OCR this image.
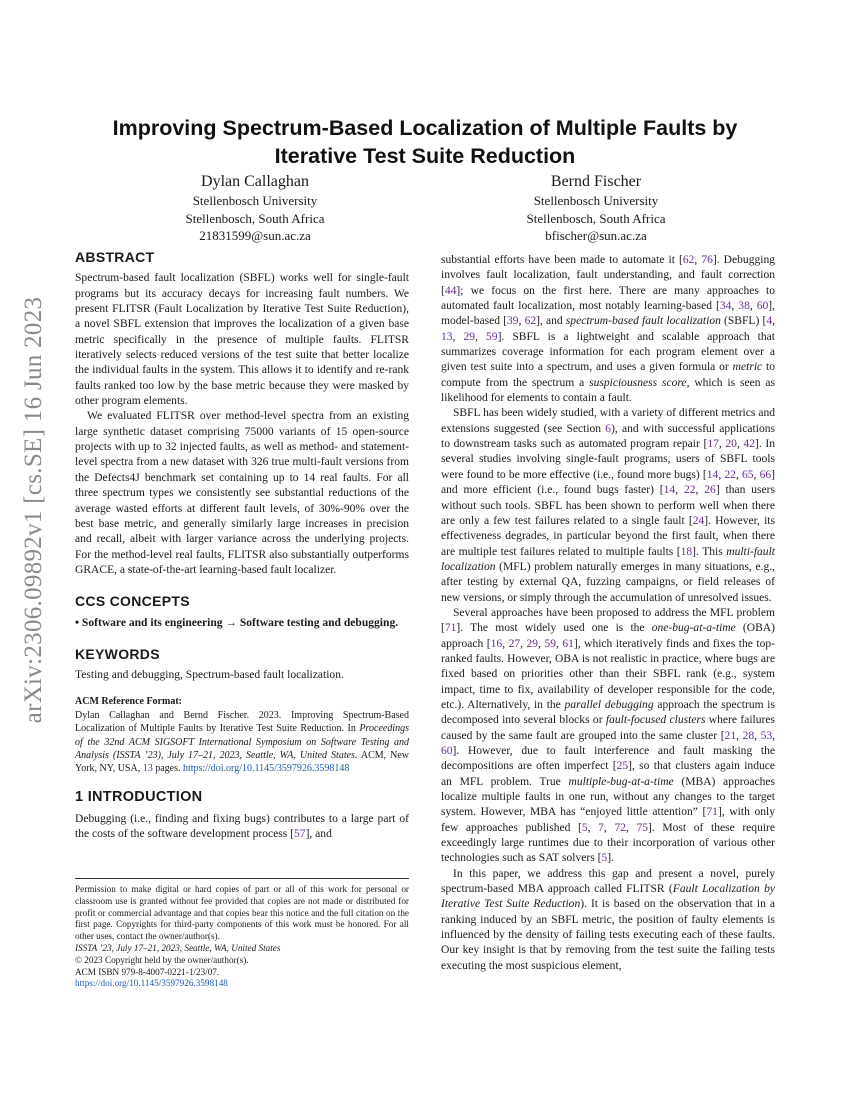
arXiv:2306.09892v1 [cs.SE] 16 Jun 2023
Improving Spectrum-Based Localization of Multiple Faults by
Iterative Test Suite Reduction
Dylan Callaghan
Stellenbosch University
Stellenbosch, South Africa
21831599@sun.ac.za
Bernd Fischer
Stellenbosch University
Stellenbosch, South Africa
bfischer@sun.ac.za
ABSTRACT

Spectrum-based fault localization (SBFL) works well for single-fault programs but its accuracy decays for increasing fault numbers. We present FLITSR (Fault Localization by Iterative Test Suite Reduction), a novel SBFL extension that improves the localization of a given base metric specifically in the presence of multiple faults. FLITSR iteratively selects reduced versions of the test suite that better localize the individual faults in the system. This allows it to identify and re-rank faults ranked too low by the base metric because they were masked by other program elements.

We evaluated FLITSR over method-level spectra from an existing large synthetic dataset comprising 75000 variants of 15 open-source projects with up to 32 injected faults, as well as method- and statement-level spectra from a new dataset with 326 true multi-fault versions from the Defects4J benchmark set containing up to 14 real faults. For all three spectrum types we consistently see substantial reductions of the average wasted efforts at different fault levels, of 30%-90% over the best base metric, and generally similarly large increases in precision and recall, albeit with larger variance across the underlying projects. For the method-level real faults, FLITSR also substantially outperforms GRACE, a state-of-the-art learning-based fault localizer.

CCS CONCEPTS

• Software and its engineering → Software testing and debugging.

KEYWORDS

Testing and debugging, Spectrum-based fault localization.

ACM Reference Format:

Dylan Callaghan and Bernd Fischer. 2023. Improving Spectrum-Based Localization of Multiple Faults by Iterative Test Suite Reduction. In Proceedings of the 32nd ACM SIGSOFT International Symposium on Software Testing and Analysis (ISSTA ’23), July 17–21, 2023, Seattle, WA, United States. ACM, New York, NY, USA, 13 pages. https://doi.org/10.1145/3597926.3598148

1 INTRODUCTION

Debugging (i.e., finding and fixing bugs) contributes to a large part of the costs of the software development process [57], and

Permission to make digital or hard copies of part or all of this work for personal or classroom use is granted without fee provided that copies are not made or distributed for profit or commercial advantage and that copies bear this notice and the full citation on the first page. Copyrights for third-party components of this work must be honored. For all other uses, contact the owner/author(s).

ISSTA ’23, July 17–21, 2023, Seattle, WA, United States
© 2023 Copyright held by the owner/author(s).
ACM ISBN 979-8-4007-0221-1/23/07.
https://doi.org/10.1145/3597926.3598148

substantial efforts have been made to automate it [62, 76]. Debugging involves fault localization, fault understanding, and fault correction [44]; we focus on the first here. There are many approaches to automated fault localization, most notably learning-based [34, 38, 60], model-based [39, 62], and spectrum-based fault localization (SBFL) [4, 13, 29, 59]. SBFL is a lightweight and scalable approach that summarizes coverage information for each program element over a given test suite into a spectrum, and uses a given formula or metric to compute from the spectrum a suspiciousness score, which is seen as likelihood for elements to contain a fault.

SBFL has been widely studied, with a variety of different metrics and extensions suggested (see Section 6), and with successful applications to downstream tasks such as automated program repair [17, 20, 42]. In several studies involving single-fault programs, users of SBFL tools were found to be more effective (i.e., found more bugs) [14, 22, 65, 66] and more efficient (i.e., found bugs faster) [14, 22, 26] than users without such tools. SBFL has been shown to perform well when there are only a few test failures related to a single fault [24]. However, its effectiveness degrades, in particular beyond the first fault, when there are multiple test failures related to multiple faults [18]. This multi-fault localization (MFL) problem naturally emerges in many situations, e.g., after testing by external QA, fuzzing campaigns, or field releases of new versions, or simply through the accumulation of unresolved issues.

Several approaches have been proposed to address the MFL problem [71]. The most widely used one is the one-bug-at-a-time (OBA) approach [16, 27, 29, 59, 61], which iteratively finds and fixes the top-ranked faults. However, OBA is not realistic in practice, where bugs are fixed based on priorities other than their SBFL rank (e.g., system impact, time to fix, availability of developer responsible for the code, etc.). Alternatively, in the parallel debugging approach the spectrum is decomposed into several blocks or fault-focused clusters where failures caused by the same fault are grouped into the same cluster [21, 28, 53, 60]. However, due to fault interference and fault masking the decompositions are often imperfect [25], so that clusters again induce an MFL problem. True multiple-bug-at-a-time (MBA) approaches localize multiple faults in one run, without any changes to the target system. However, MBA has “enjoyed little attention” [71], with only few approaches published [5, 7, 72, 75]. Most of these require exceedingly large runtimes due to their incorporation of various other technologies such as SAT solvers [5].

In this paper, we address this gap and present a novel, purely spectrum-based MBA approach called FLITSR (Fault Localization by Iterative Test Suite Reduction). It is based on the observation that in a ranking induced by an SBFL metric, the position of faulty elements is influenced by the density of failing tests executing each of these faults. Our key insight is that by removing from the test suite the failing tests executing the most suspicious element,
